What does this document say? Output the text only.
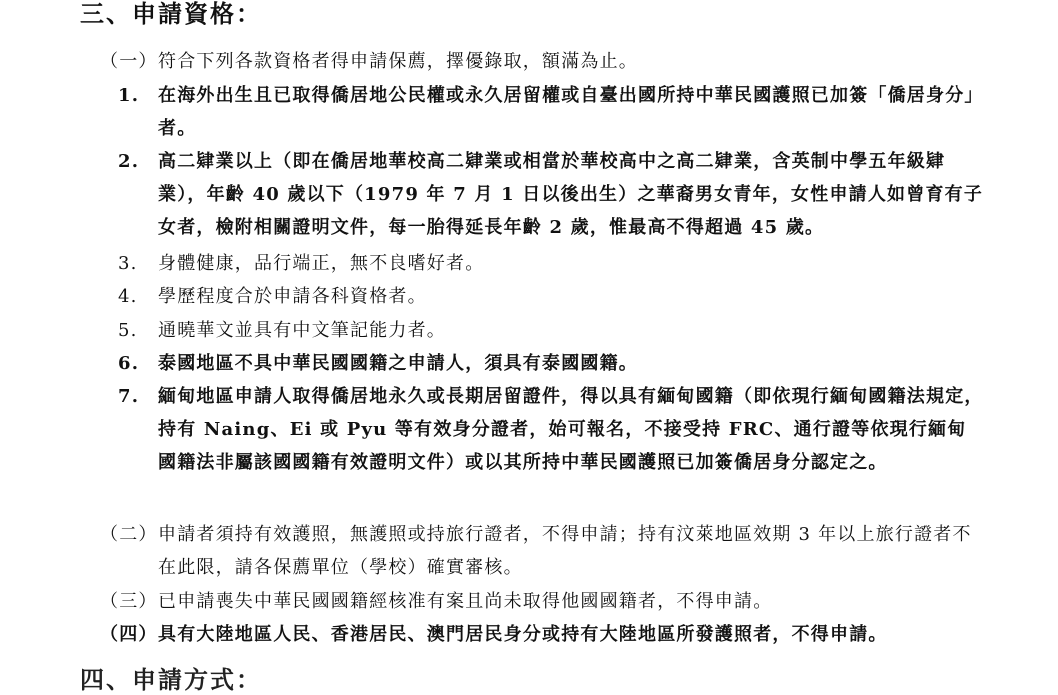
三、申請資格：
（一） 符合下列各款資格者得申請保薦，擇優錄取，額滿為止。
1. 在海外出生且已取得僑居地公民權或永久居留權或自臺出國所持中華民國護照已加簽「僑居身分」者。
2. 高二肄業以上（即在僑居地華校高二肄業或相當於華校高中之高二肄業，含英制中學五年級肄業），年齡 40 歲以下（1979 年 7 月 1 日以後出生）之華裔男女青年，女性申請人如曾育有子女者，檢附相關證明文件，每一胎得延長年齡 2 歲，惟最高不得超過 45 歲。
3. 身體健康，品行端正，無不良嗜好者。
4. 學歷程度合於申請各科資格者。
5. 通曉華文並具有中文筆記能力者。
6. 泰國地區不具中華民國國籍之申請人，須具有泰國國籍。
7. 緬甸地區申請人取得僑居地永久或長期居留證件，得以具有緬甸國籍（即依現行緬甸國籍法規定，持有 Naing、Ei 或 Pyu 等有效身分證者，始可報名，不接受持 FRC、通行證等依現行緬甸國籍法非屬該國國籍有效證明文件）或以其所持中華民國護照已加簽僑居身分認定之。
（二） 申請者須持有效護照，無護照或持旅行證者，不得申請；持有汶萊地區效期 3 年以上旅行證者不在此限，請各保薦單位（學校）確實審核。
（三） 已申請喪失中華民國國籍經核准有案且尚未取得他國國籍者，不得申請。
（四） 具有大陸地區人民、香港居民、澳門居民身分或持有大陸地區所發護照者，不得申請。
四、申請方式：
